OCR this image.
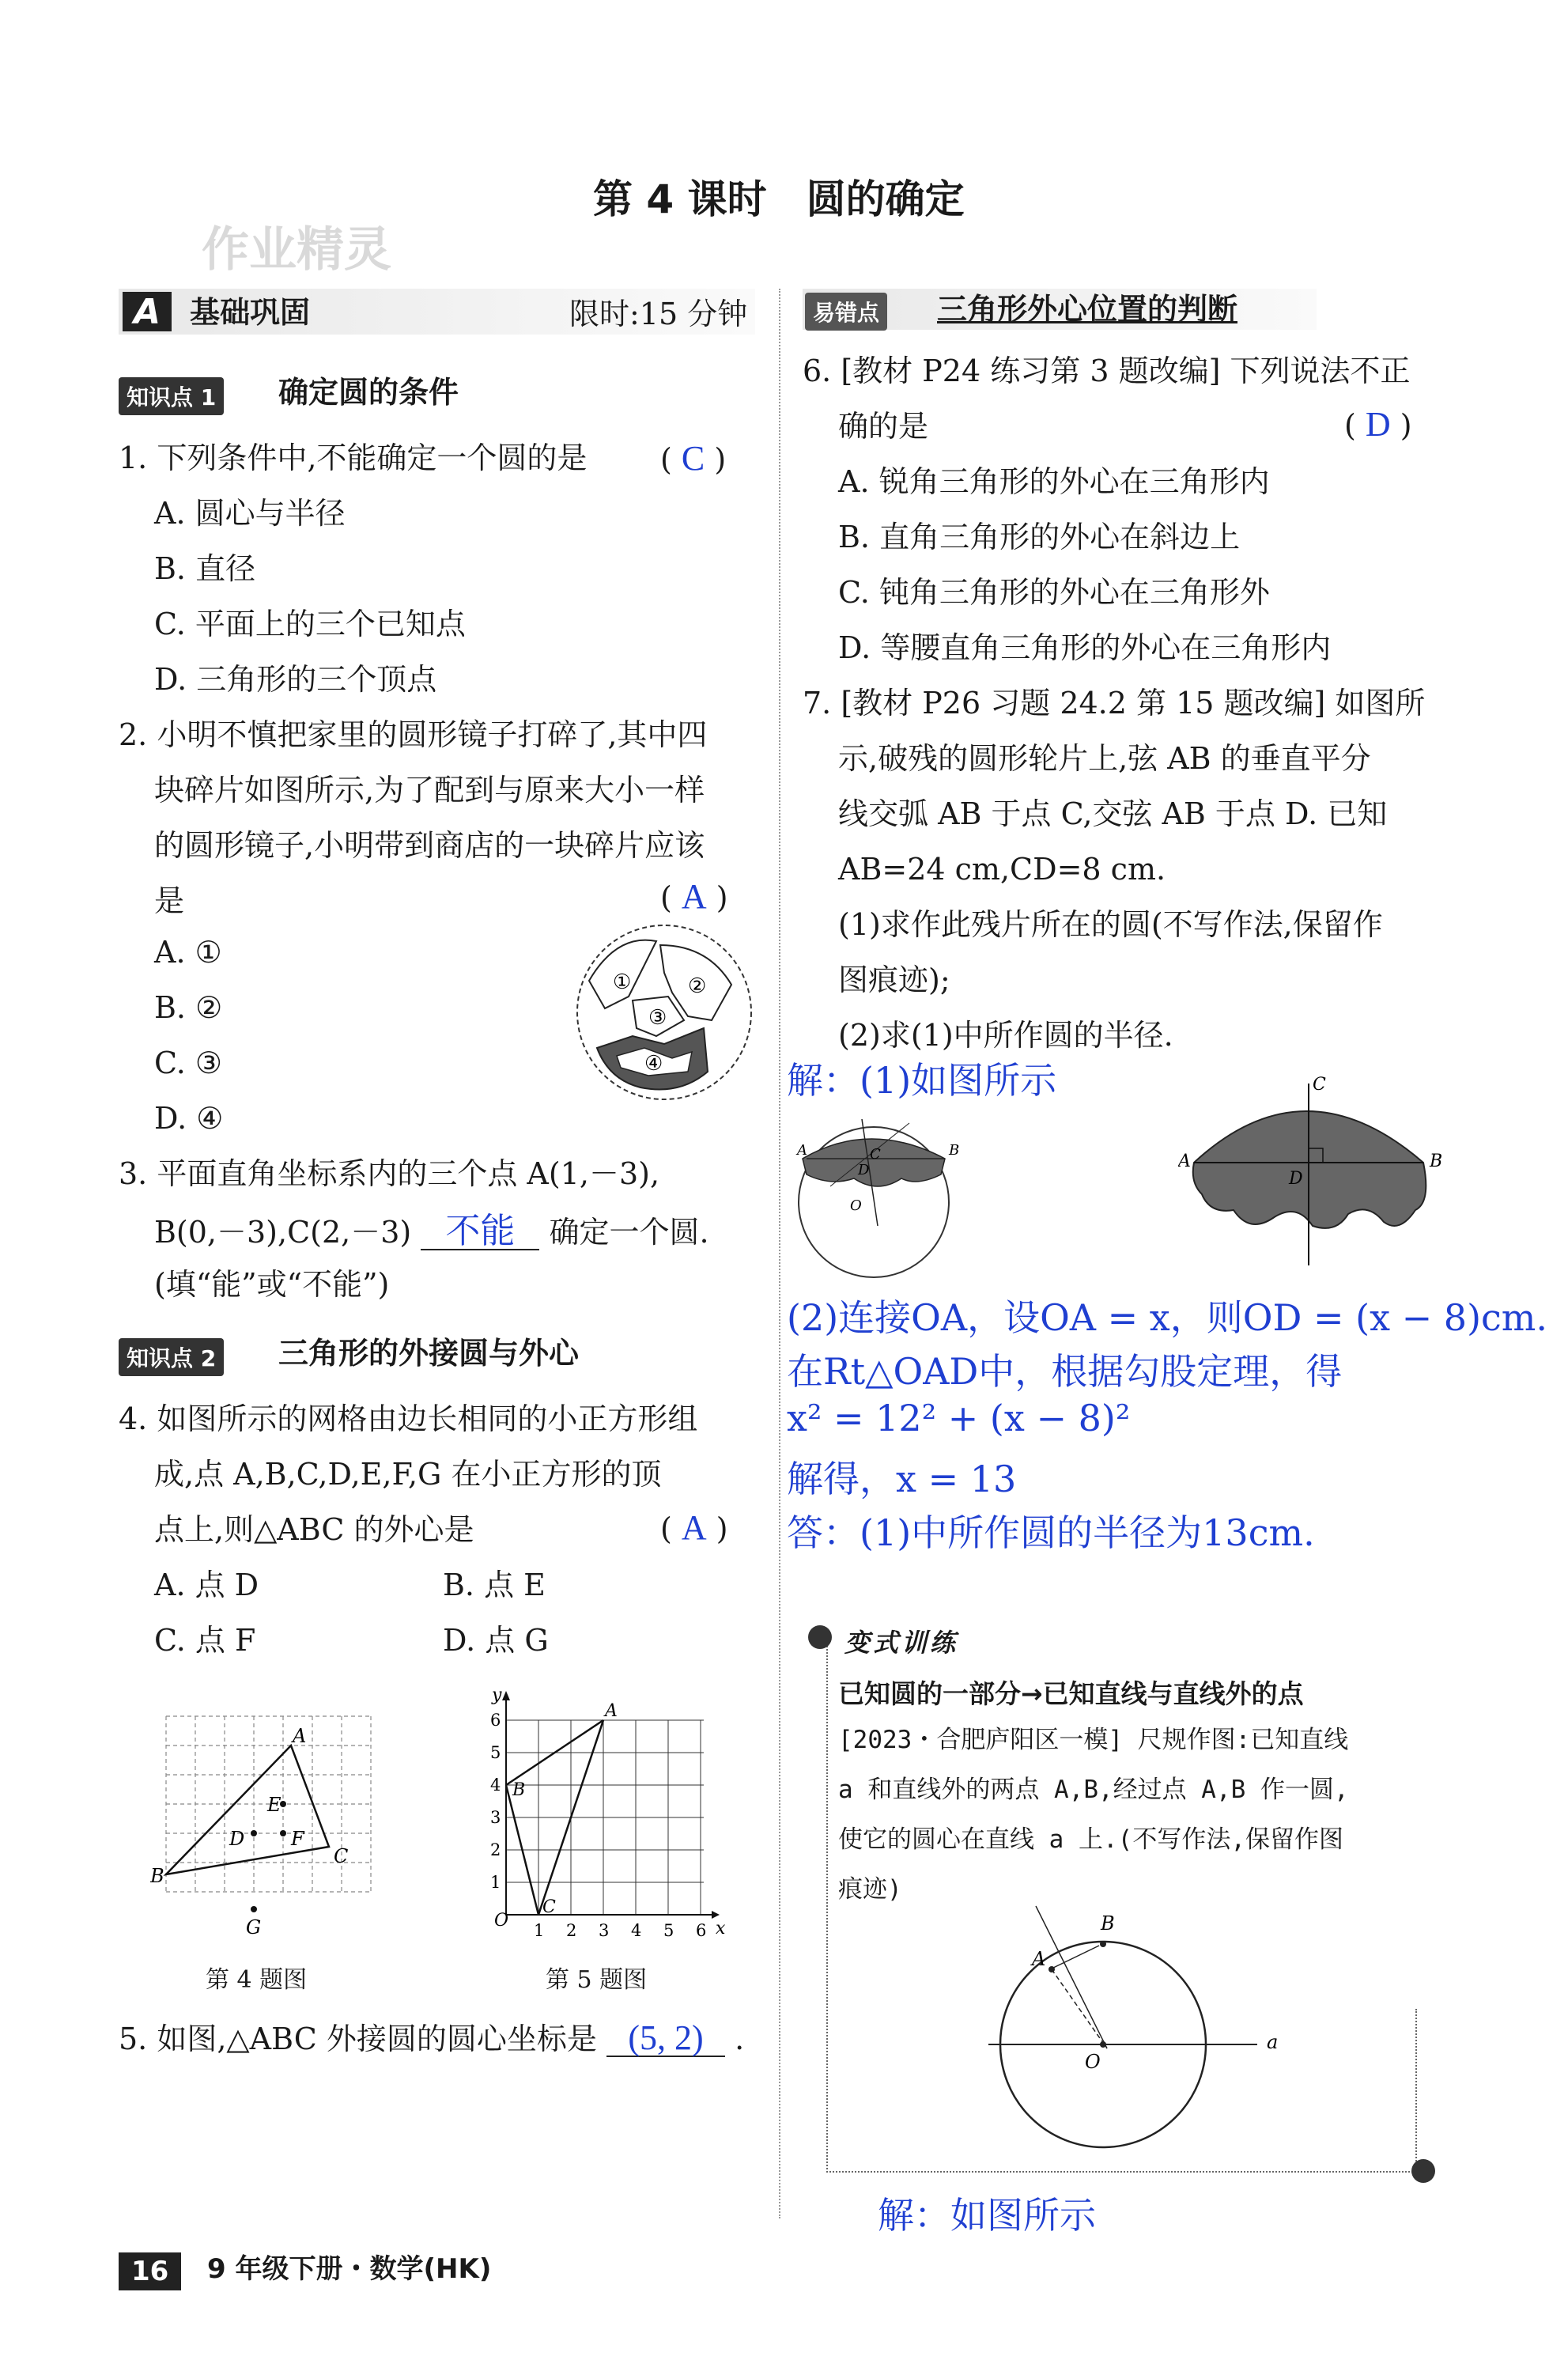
第 4 课时　圆的确定
作业精灵
A 基础巩固	限时:15 分钟
知识点 1 确定圆的条件
1. 下列条件中,不能确定一个圆的是 ( C )
A. 圆心与半径
B. 直径
C. 平面上的三个已知点
D. 三角形的三个顶点
2. 小明不慎把家里的圆形镜子打碎了,其中四
块碎片如图所示,为了配到与原来大小一样
的圆形镜子,小明带到商店的一块碎片应该
是	( A )
A. ①
B. ②
C. ③
D. ④
①	②
③
④
3. 平面直角坐标系内的三个点 A(1,－3),
B(0,－3),C(2,－3) 不能 确定一个圆.
(填“能”或“不能”)
知识点 2 三角形的外接圆与外心
4. 如图所示的网格由边长相同的小正方形组
成,点 A,B,C,D,E,F,G 在小正方形的顶
点上,则△ABC 的外心是	( A )
A. 点 D	B. 点 E
C. 点 F	D. 点 G
A
B
C
D
E
F
G
第 4 题图
O	x
y
A
B
C
1 2 3 4 5 6
1
2
3
4
5
6
第 5 题图
5. 如图,△ABC 外接圆的圆心坐标是 (5, 2) .
易错点 三角形外心位置的判断
6. [教材 P24 练习第 3 题改编] 下列说法不正
确的是	( D )
A. 锐角三角形的外心在三角形内
B. 直角三角形的外心在斜边上
C. 钝角三角形的外心在三角形外
D. 等腰直角三角形的外心在三角形内
7. [教材 P26 习题 24.2 第 15 题改编] 如图所
示,破残的圆形轮片上,弦 AB 的垂直平分
线交弧 AB 于点 C,交弦 AB 于点 D. 已知
AB=24 cm,CD=8 cm.
(1)求作此残片所在的圆(不写作法,保留作
图痕迹);
(2)求(1)中所作圆的半径.
解：(1)如图所示
C
D
A	B
O
A	B
C
D
(2)连接OA，设OA = x，则OD = (x − 8)cm.
在Rt△OAD中，根据勾股定理，得
x² = 12² + (x − 8)²
解得，x = 13
答：(1)中所作圆的半径为13cm.
变式训练
已知圆的一部分→已知直线与直线外的点
[2023・合肥庐阳区一模] 尺规作图:已知直线
a 和直线外的两点 A,B,经过点 A,B 作一圆,
使它的圆心在直线 a 上.(不写作法,保留作图
痕迹)
A
B
O
a
解：如图所示
16	9 年级下册・数学(HK)
